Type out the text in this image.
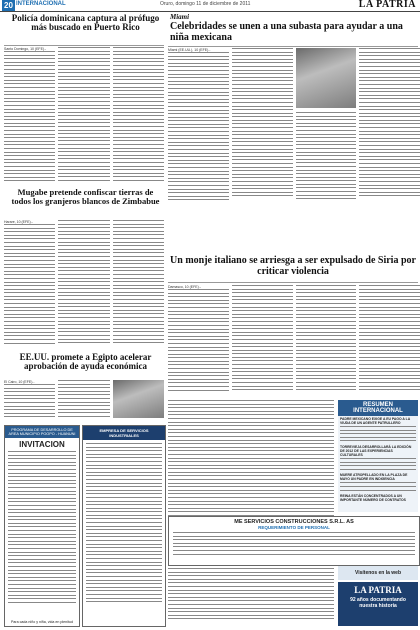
20 INTERNACIONAL	Oruro, domingo 11 de diciembre de 2011	LA PATRIA
Policía dominicana captura al prófugo más buscado en Puerto Rico
Santo Domingo, 10 (EFE).-
Miami
Celebridades se unen a una subasta para ayudar a una niña mexicana
Miami (EE.UU.), 10 (EFE).-
Mugabe pretende confiscar tierras de todos los granjeros blancos de Zimbabue
Harare, 10 (EFE).-
Un monje italiano se arriesga a ser expulsado de Siria por criticar violencia
Damasco, 10 (EFE).-
EE.UU. promete a Egipto acelerar aprobación de ayuda económica
El Cairo, 10 (EFE).-
PROGRAMA DE DESARROLLO DE AREA MUNICIPIO POOPO - HUANUNI
INVITACION
Para cada niño y niña, vida en plenitud
EMPRESA DE SERVICIOS INDUSTRIALES
RESUMEN INTERNACIONAL
PADRE MEXICANO EXIGE A EU PAGO A LA VIUDA DE UN AGENTE PATRULLERO
TORREVIEJA DESARROLLARÁ LA EDICIÓN DE 2012 DE LAS EXPERIENCIAS CULTURALES
MUERE ATROPELLADO EN LA PLAZA DE MAYO UN PADRE EN INDIGENCIA
REINA ESTÁN CONCENTRADOS A UN IMPORTANTE NÚMERO DE CONTRATOS
ME SERVICIOS CONSTRUCCIONES S.R.L. AS
REQUERIMIENTO DE PERSONAL
Visítenos en la web
LA PATRIA
92 años documentando nuestra historia
